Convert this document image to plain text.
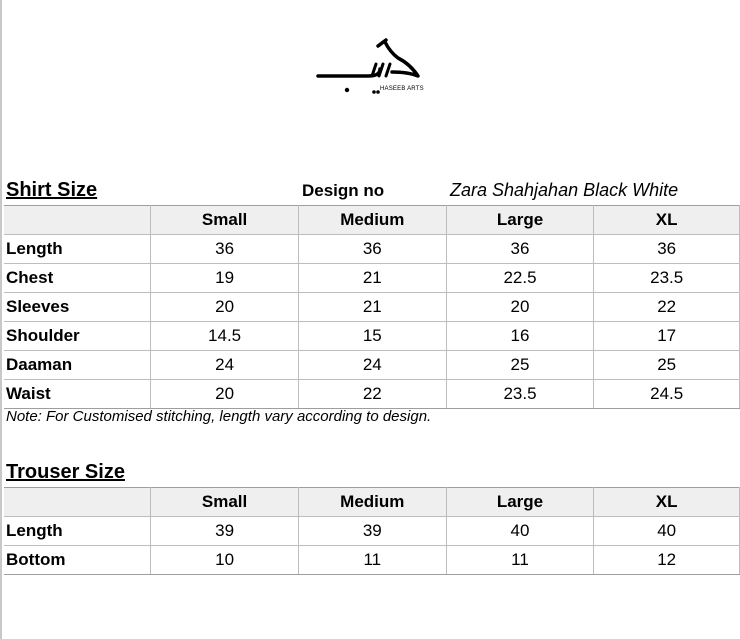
HASEEB ARTS
Shirt Size	Design no	Zara Shahjahan Black White
	Small	Medium	Large	XL
Length	36	36	36	36
Chest	19	21	22.5	23.5
Sleeves	20	21	20	22
Shoulder	14.5	15	16	17
Daaman	24	24	25	25
Waist	20	22	23.5	24.5
Note: For Customised stitching, length vary according to design.
Trouser Size
	Small	Medium	Large	XL
Length	39	39	40	40
Bottom	10	11	11	12
